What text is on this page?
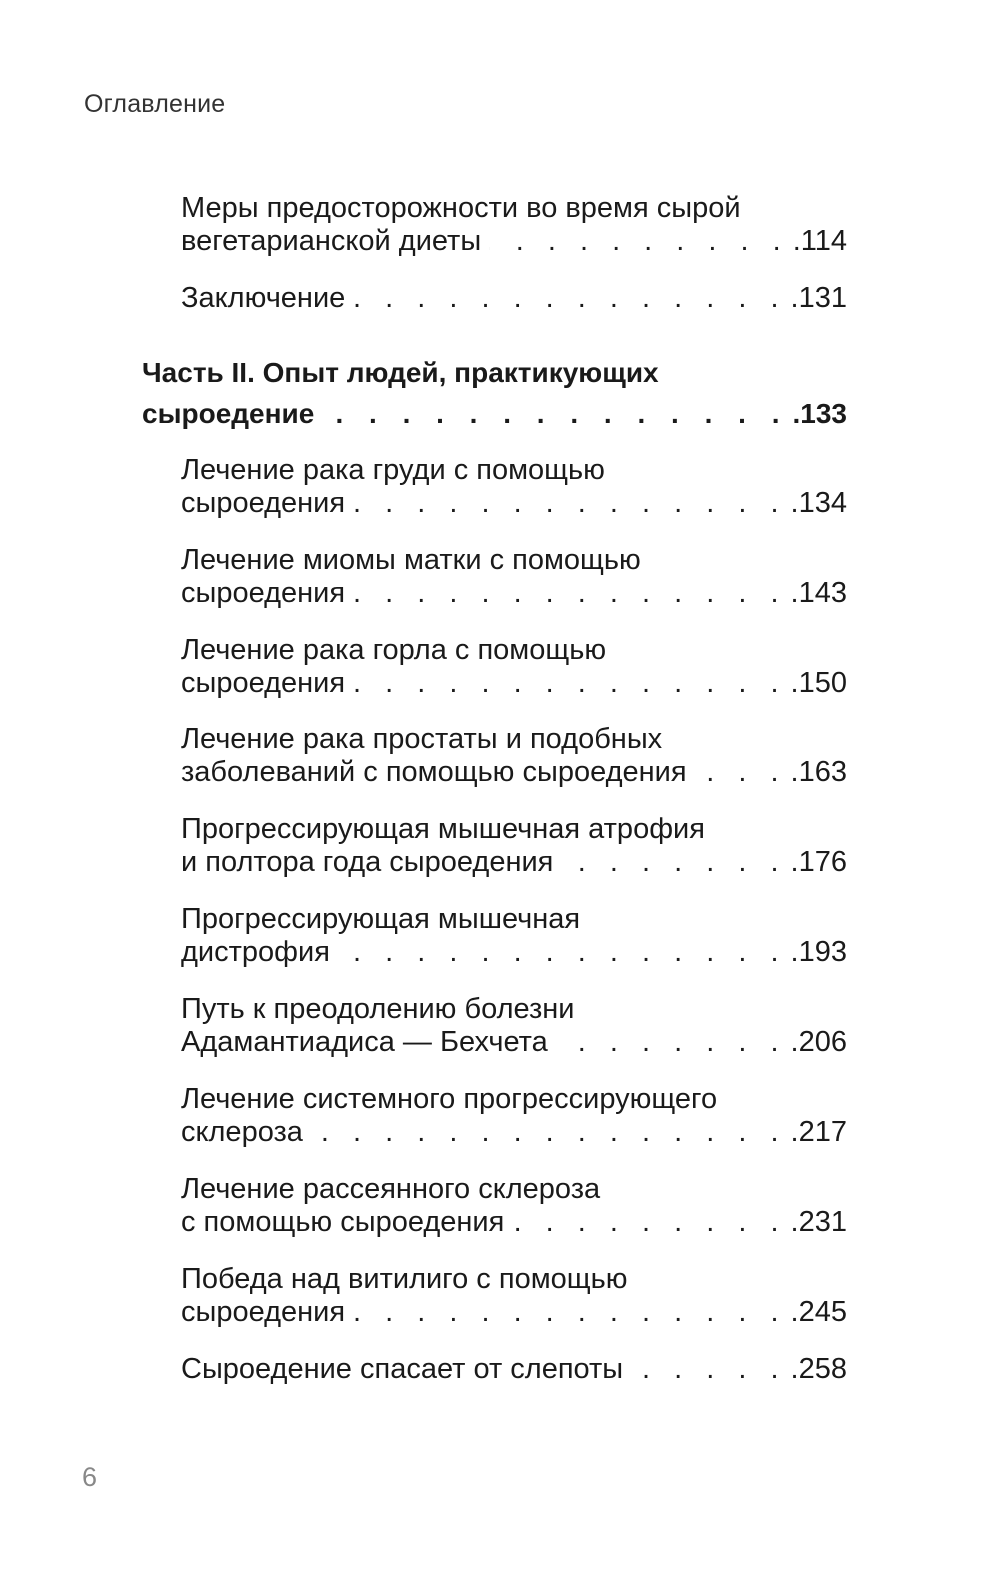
Оглавление
Меры предосторожности во время сырой
вегетарианской диеты . . .	.114
Заключение . . .	.131
Часть II. Опыт людей, практикующих
сыроедение . . .	.133
Лечение рака груди с помощью
сыроедения . . .	.134
Лечение миомы матки с помощью
сыроедения . . .	.143
Лечение рака горла с помощью
сыроедения . . .	.150
Лечение рака простаты и подобных
заболеваний с помощью сыроедения . . .	.163
Прогрессирующая мышечная атрофия
и полтора года сыроедения . . .	.176
Прогрессирующая мышечная
дистрофия . . .	.193
Путь к преодолению болезни
Адамантиадиса — Бехчета . . .	.206
Лечение системного прогрессирующего
склероза . . .	.217
Лечение рассеянного склероза
с помощью сыроедения . . .	.231
Победа над витилиго с помощью
сыроедения . . .	.245
Сыроедение спасает от слепоты . . .	.258
6
